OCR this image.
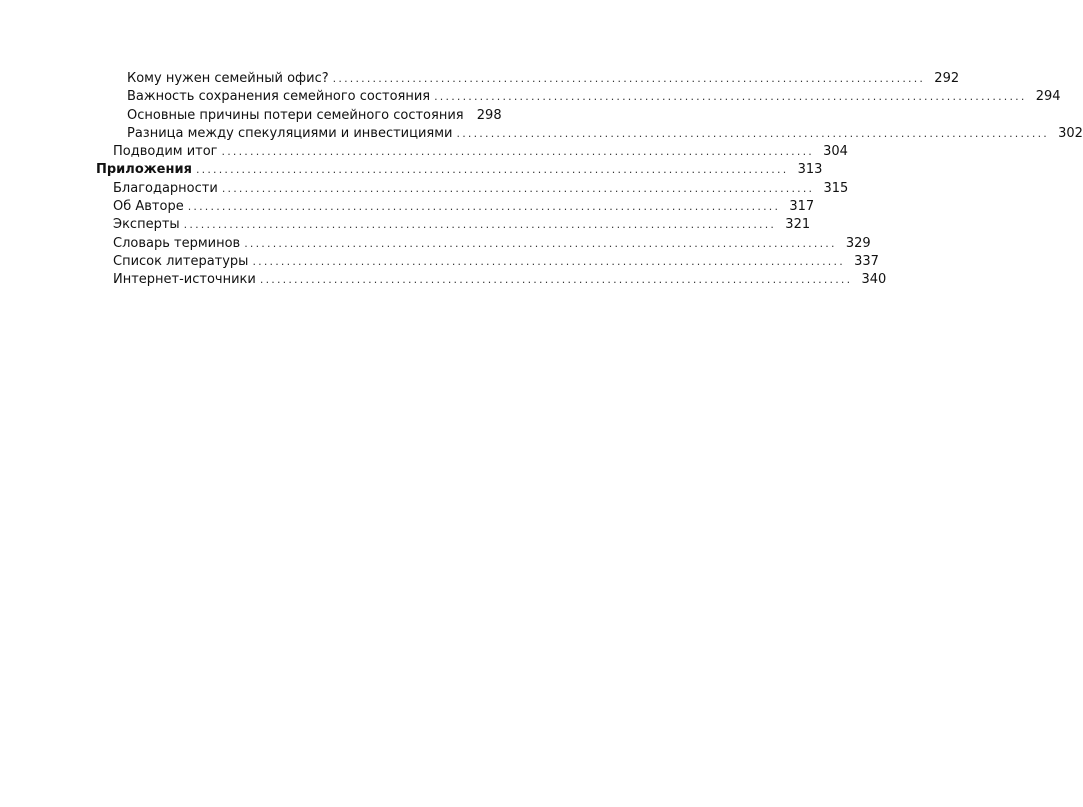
Кому нужен семейный офис? ........................................................................................................ 292
Важность сохранения семейного состояния ........................................................................................................ 294
Основные причины потери семейного состояния	298
Разница между спекуляциями и инвестициями ........................................................................................................ 302
Подводим итог ........................................................................................................ 304
Приложения ........................................................................................................ 313
Благодарности ........................................................................................................ 315
Об Авторе ........................................................................................................ 317
Эксперты ........................................................................................................ 321
Словарь терминов ........................................................................................................ 329
Список литературы ........................................................................................................ 337
Интернет-источники ........................................................................................................ 340
